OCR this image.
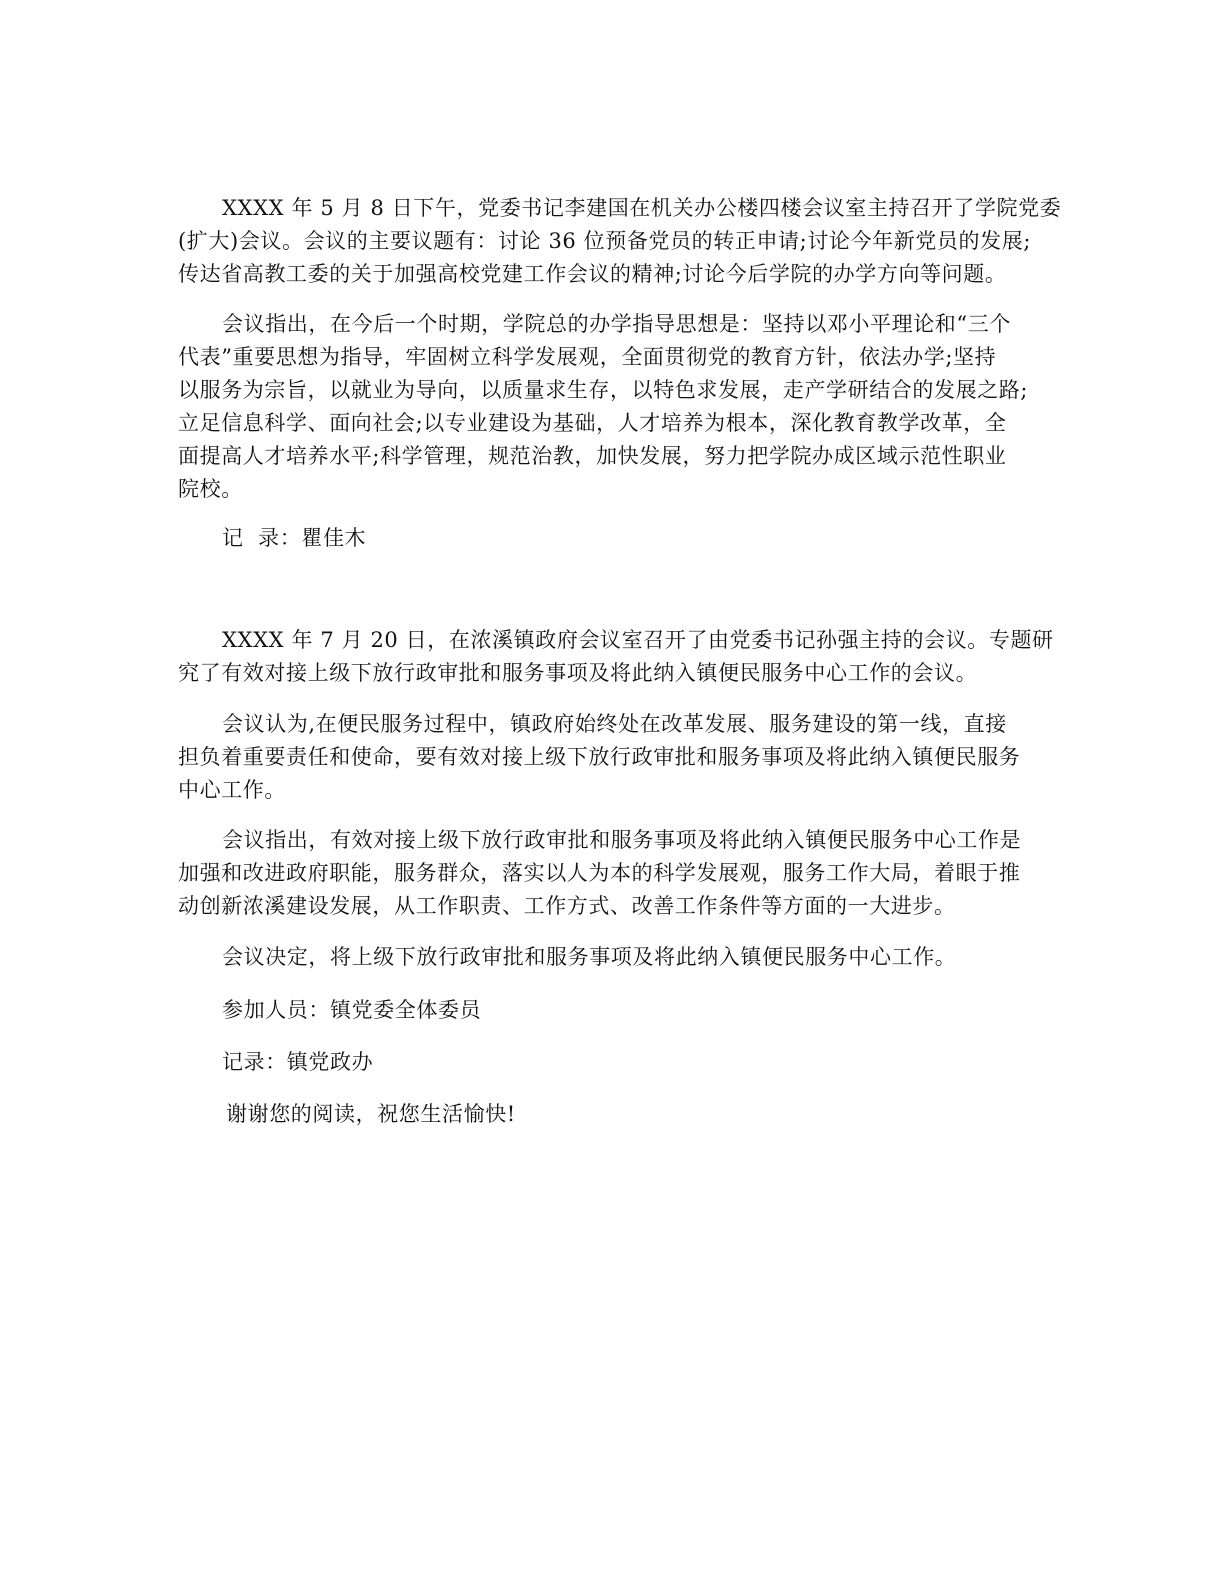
XXXX 年 5 月 8 日下午，党委书记李建国在机关办公楼四楼会议室主持召开了学院党委
(扩大)会议。会议的主要议题有：讨论 36 位预备党员的转正申请;讨论今年新党员的发展;
传达省高教工委的关于加强高校党建工作会议的精神;讨论今后学院的办学方向等问题。

会议指出，在今后一个时期，学院总的办学指导思想是：坚持以邓小平理论和“三个
代表”重要思想为指导，牢固树立科学发展观，全面贯彻党的教育方针，依法办学;坚持
以服务为宗旨，以就业为导向，以质量求生存，以特色求发展，走产学研结合的发展之路;
立足信息科学、面向社会;以专业建设为基础，人才培养为根本，深化教育教学改革，全
面提高人才培养水平;科学管理，规范治教，加快发展，努力把学院办成区域示范性职业
院校。

记  录：瞿佳木

XXXX 年 7 月 20 日，在浓溪镇政府会议室召开了由党委书记孙强主持的会议。专题研
究了有效对接上级下放行政审批和服务事项及将此纳入镇便民服务中心工作的会议。

会议认为,在便民服务过程中，镇政府始终处在改革发展、服务建设的第一线，直接
担负着重要责任和使命，要有效对接上级下放行政审批和服务事项及将此纳入镇便民服务
中心工作。

会议指出，有效对接上级下放行政审批和服务事项及将此纳入镇便民服务中心工作是
加强和改进政府职能，服务群众，落实以人为本的科学发展观，服务工作大局，着眼于推
动创新浓溪建设发展，从工作职责、工作方式、改善工作条件等方面的一大进步。

会议决定，将上级下放行政审批和服务事项及将此纳入镇便民服务中心工作。

参加人员：镇党委全体委员

记录：镇党政办

谢谢您的阅读，祝您生活愉快!
